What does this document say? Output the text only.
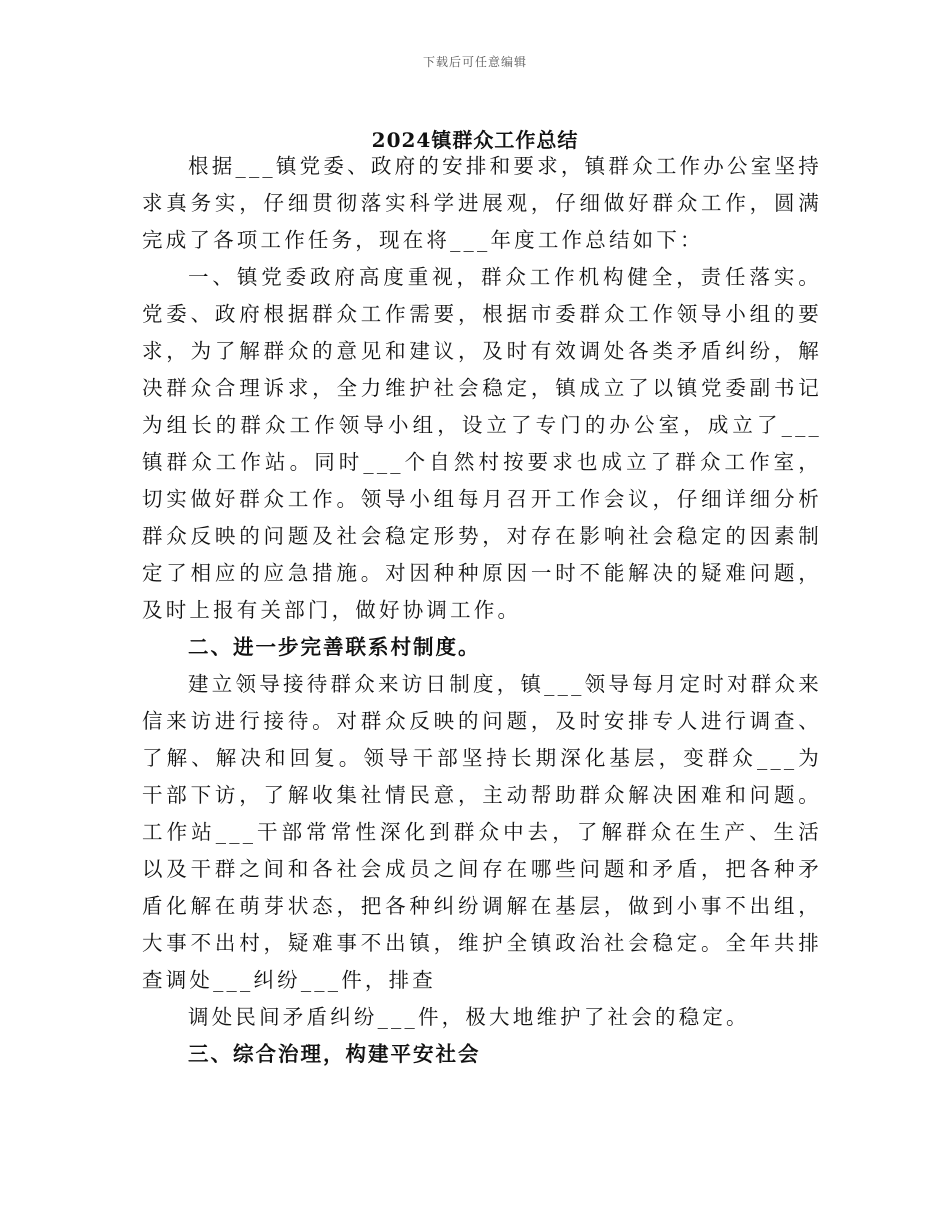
下载后可任意编辑
2024镇群众工作总结

根据___镇党委、政府的安排和要求，镇群众工作办公室坚持求真务实，仔细贯彻落实科学进展观，仔细做好群众工作，圆满完成了各项工作任务，现在将___年度工作总结如下：

一、镇党委政府高度重视，群众工作机构健全，责任落实。党委、政府根据群众工作需要，根据市委群众工作领导小组的要求，为了解群众的意见和建议，及时有效调处各类矛盾纠纷，解决群众合理诉求，全力维护社会稳定，镇成立了以镇党委副书记为组长的群众工作领导小组，设立了专门的办公室，成立了___镇群众工作站。同时___个自然村按要求也成立了群众工作室，切实做好群众工作。领导小组每月召开工作会议，仔细详细分析群众反映的问题及社会稳定形势，对存在影响社会稳定的因素制定了相应的应急措施。对因种种原因一时不能解决的疑难问题，及时上报有关部门，做好协调工作。

二、进一步完善联系村制度。

建立领导接待群众来访日制度，镇___领导每月定时对群众来信来访进行接待。对群众反映的问题，及时安排专人进行调查、了解、解决和回复。领导干部坚持长期深化基层，变群众___为干部下访，了解收集社情民意，主动帮助群众解决困难和问题。工作站___干部常常性深化到群众中去，了解群众在生产、生活以及干群之间和各社会成员之间存在哪些问题和矛盾，把各种矛盾化解在萌芽状态，把各种纠纷调解在基层，做到小事不出组，大事不出村，疑难事不出镇，维护全镇政治社会稳定。全年共排查调处___纠纷___件，排查

调处民间矛盾纠纷___件，极大地维护了社会的稳定。

三、综合治理，构建平安社会
